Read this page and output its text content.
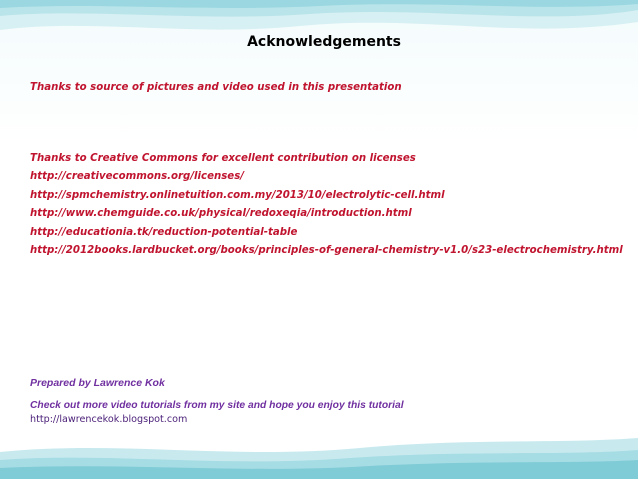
Acknowledgements
Thanks to source of pictures and video used in this presentation
Thanks to Creative Commons for excellent contribution on licenses
http://creativecommons.org/licenses/
http://spmchemistry.onlinetuition.com.my/2013/10/electrolytic-cell.html
http://www.chemguide.co.uk/physical/redoxeqia/introduction.html
http://educationia.tk/reduction-potential-table
http://2012books.lardbucket.org/books/principles-of-general-chemistry-v1.0/s23-electrochemistry.html
Prepared by Lawrence Kok
Check out more video tutorials from my site and hope you enjoy this tutorial
http://lawrencekok.blogspot.com
